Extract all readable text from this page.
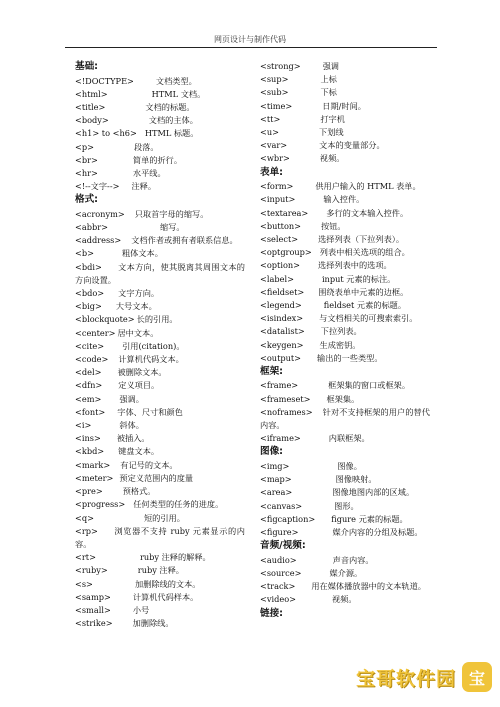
网页设计与制作代码
基础:
<!DOCTYPE>	文档类型。
<html>	HTML 文档。
<title>	文档的标题。
<body>	文档的主体。
<h1> to <h6> HTML 标题。
<p>	段落。
<br>	简单的折行。
<hr>	水平线。
<!--文字--> 注释。
格式:
<acronym> 只取首字母的缩写。
<abbr>	缩写。
<address> 文档作者或拥有者联系信息。
<b>	粗体文本。
<bdi> 文本方向，使其脱离其周围文本的方向设置。
<bdo> 文字方向。
<big> 大号文本。
<blockquote> 长的引用。
<center> 居中文本。
<cite> 引用(citation)。
<code> 计算机代码文本。
<del> 被删除文本。
<dfn> 定义项目。
<em> 强调。
<font> 字体、尺寸和颜色
<i>	斜体。
<ins> 被插入。
<kbd> 键盘文本。
<mark> 有记号的文本。
<meter> 预定义范围内的度量
<pre> 预格式。
<progress> 任何类型的任务的进度。
<q>	短的引用。
<rp> 浏览器不支持 ruby 元素显示的内容。
<rt>	ruby 注释的解释。
<ruby>	ruby 注释。
<s>	加删除线的文本。
<samp>	计算机代码样本。
<small>	小号
<strike> 加删除线。
<strong>	强调
<sup>	上标
<sub>	下标
<time>	日期/时间。
<tt>	打字机
<u>	下划线
<var>	文本的变量部分。
<wbr>	视频。
表单:
<form>	供用户输入的 HTML 表单。
<input>	输入控件。
<textarea> 多行的文本输入控件。
<button> 按钮。
<select> 选择列表（下拉列表）。
<optgroup> 列表中相关选项的组合。
<option> 选择列表中的选项。
<label>	input 元素的标注。
<fieldset> 围绕表单中元素的边框。
<legend>	fieldset 元素的标题。
<isindex> 与文档相关的可搜索索引。
<datalist> 下拉列表。
<keygen> 生成密钥。
<output> 输出的一些类型。
框架:
<frame>	框架集的窗口或框架。
<frameset> 框架集。
<noframes> 针对不支持框架的用户的替代内容。
<iframe>	内联框架。
图像:
<img>	图像。
<map>	图像映射。
<area>	图像地图内部的区域。
<canvas>	图形。
<figcaption> figure 元素的标题。
<figure>	媒介内容的分组及标题。
音频/视频:
<audio>	声音内容。
<source>	媒介源。
<track> 用在媒体播放器中的文本轨道。
<video>	视频。
链接:
宝哥软件园 宝
